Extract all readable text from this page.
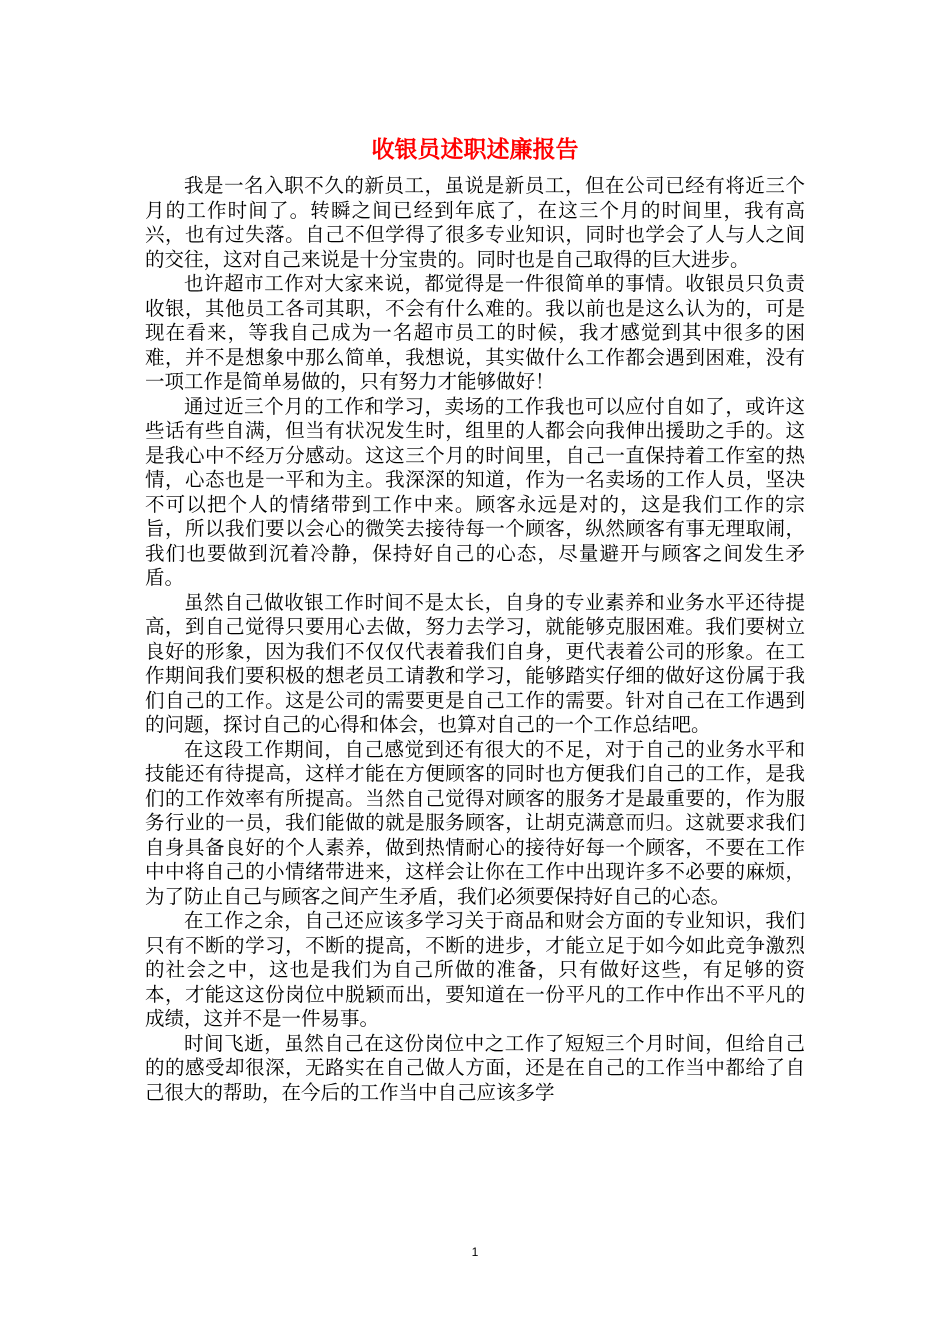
收银员述职述廉报告

我是一名入职不久的新员工，虽说是新员工，但在公司已经有将近三个月的工作时间了。转瞬之间已经到年底了，在这三个月的时间里，我有高兴，也有过失落。自己不但学得了很多专业知识，同时也学会了人与人之间的交往，这对自己来说是十分宝贵的。同时也是自己取得的巨大进步。

也许超市工作对大家来说，都觉得是一件很简单的事情。收银员只负责收银，其他员工各司其职，不会有什么难的。我以前也是这么认为的，可是现在看来，等我自己成为一名超市员工的时候，我才感觉到其中很多的困难，并不是想象中那么简单，我想说，其实做什么工作都会遇到困难，没有一项工作是简单易做的，只有努力才能够做好！

通过近三个月的工作和学习，卖场的工作我也可以应付自如了，或许这些话有些自满，但当有状况发生时，组里的人都会向我伸出援助之手的。这是我心中不经万分感动。这这三个月的时间里，自己一直保持着工作室的热情，心态也是一平和为主。我深深的知道，作为一名卖场的工作人员，坚决不可以把个人的情绪带到工作中来。顾客永远是对的，这是我们工作的宗旨，所以我们要以会心的微笑去接待每一个顾客，纵然顾客有事无理取闹，我们也要做到沉着冷静，保持好自己的心态，尽量避开与顾客之间发生矛盾。

虽然自己做收银工作时间不是太长，自身的专业素养和业务水平还待提高，到自己觉得只要用心去做，努力去学习，就能够克服困难。我们要树立良好的形象，因为我们不仅仅代表着我们自身，更代表着公司的形象。在工作期间我们要积极的想老员工请教和学习，能够踏实仔细的做好这份属于我们自己的工作。这是公司的需要更是自己工作的需要。针对自己在工作遇到的问题，探讨自己的心得和体会，也算对自己的一个工作总结吧。

在这段工作期间，自己感觉到还有很大的不足，对于自己的业务水平和技能还有待提高，这样才能在方便顾客的同时也方便我们自己的工作，是我们的工作效率有所提高。当然自己觉得对顾客的服务才是最重要的，作为服务行业的一员，我们能做的就是服务顾客，让胡克满意而归。这就要求我们自身具备良好的个人素养，做到热情耐心的接待好每一个顾客，不要在工作中中将自己的小情绪带进来，这样会让你在工作中出现许多不必要的麻烦，为了防止自己与顾客之间产生矛盾，我们必须要保持好自己的心态。

在工作之余，自己还应该多学习关于商品和财会方面的专业知识，我们只有不断的学习，不断的提高，不断的进步，才能立足于如今如此竞争激烈的社会之中，这也是我们为自己所做的准备，只有做好这些，有足够的资本，才能这这份岗位中脱颖而出，要知道在一份平凡的工作中作出不平凡的成绩，这并不是一件易事。

时间飞逝，虽然自己在这份岗位中之工作了短短三个月时间，但给自己的的感受却很深，无路实在自己做人方面，还是在自己的工作当中都给了自己很大的帮助，在今后的工作当中自己应该多学

1
